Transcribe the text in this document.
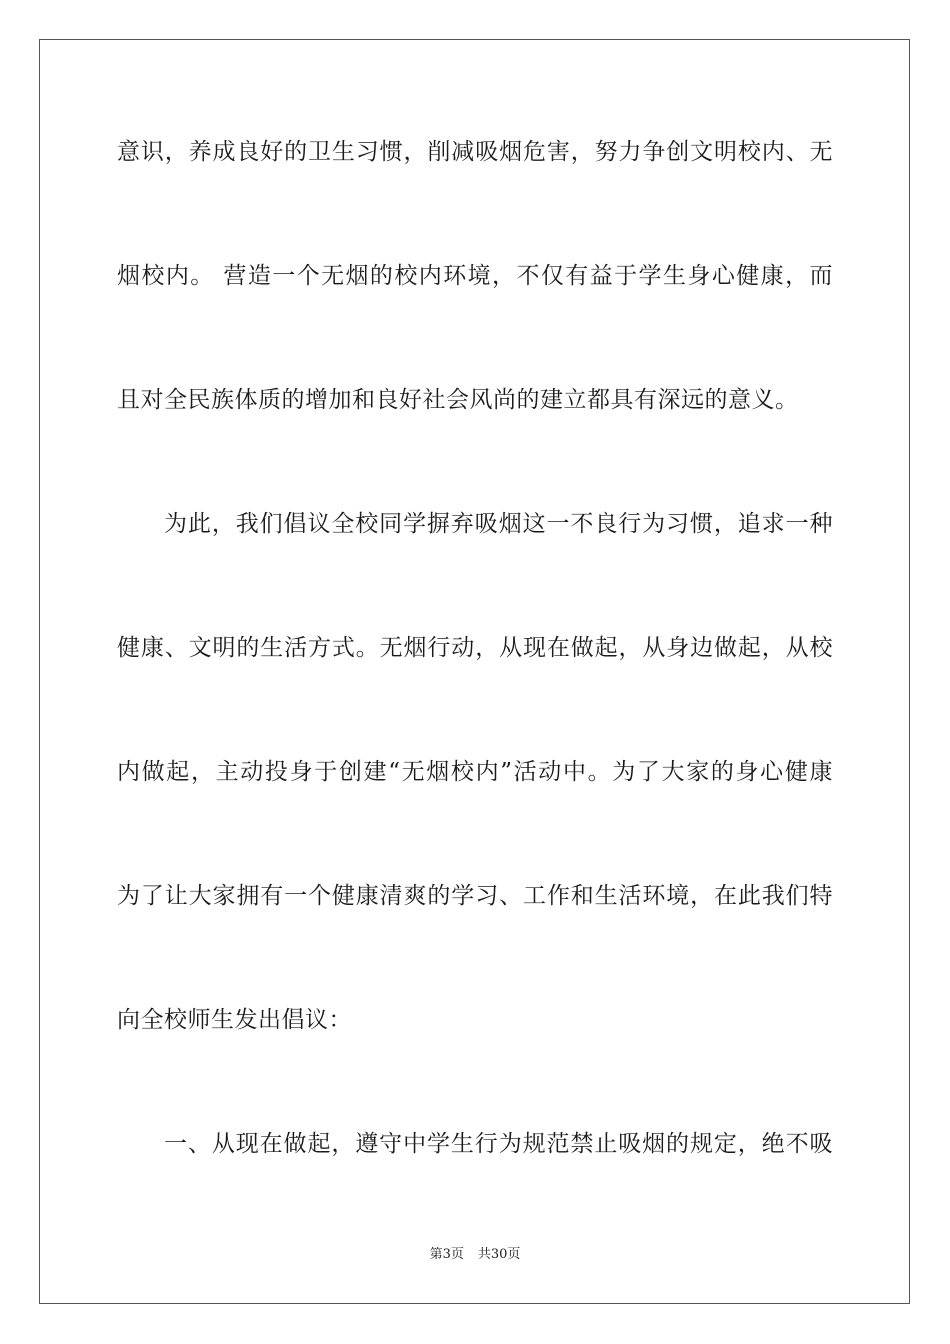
意识，养成良好的卫生习惯，削减吸烟危害，努力争创文明校内、无
烟校内。 营造一个无烟的校内环境，不仅有益于学生身心健康，而
且对全民族体质的增加和良好社会风尚的建立都具有深远的意义。
为此，我们倡议全校同学摒弃吸烟这一不良行为习惯，追求一种
健康、文明的生活方式。无烟行动，从现在做起，从身边做起，从校
内做起，主动投身于创建“无烟校内”活动中。为了大家的身心健康
为了让大家拥有一个健康清爽的学习、工作和生活环境，在此我们特
向全校师生发出倡议：
一、从现在做起，遵守中学生行为规范禁止吸烟的规定，绝不吸
第3页 共30页
